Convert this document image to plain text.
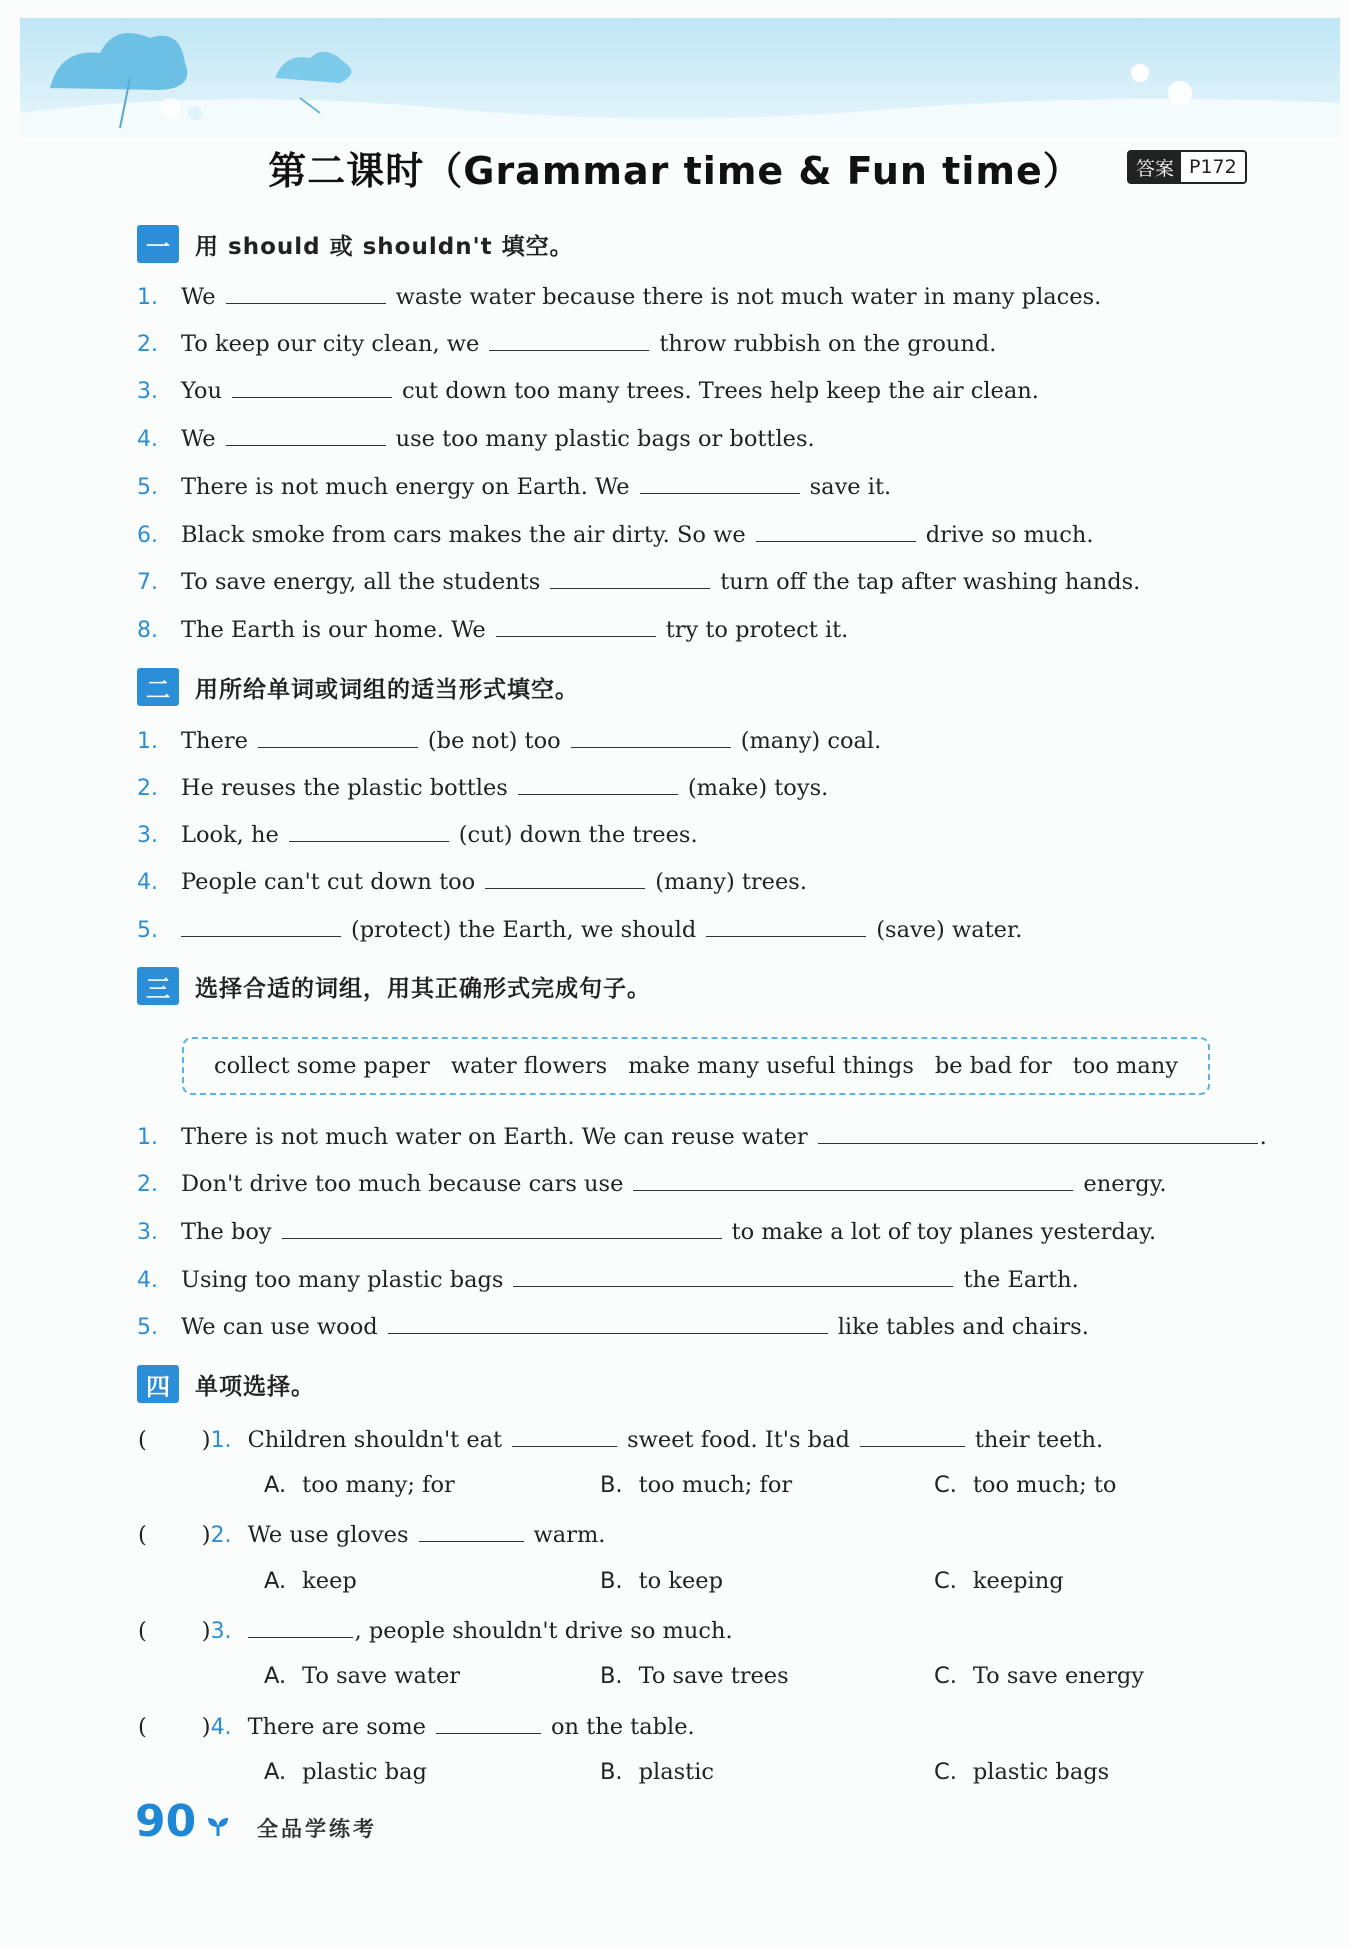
第二课时（Grammar time & Fun time）	答案 P172
一	用 should 或 shouldn't 填空。
1. We	waste water because there is not much water in many places.
2. To keep our city clean, we	throw rubbish on the ground.
3. You	cut down too many trees. Trees help keep the air clean.
4. We	use too many plastic bags or bottles.
5. There is not much energy on Earth. We	save it.
6. Black smoke from cars makes the air dirty. So we	drive so much.
7. To save energy, all the students	turn off the tap after washing hands.
8. The Earth is our home. We	try to protect it.
二	用所给单词或词组的适当形式填空。
1. There	(be not) too	(many) coal.
2. He reuses the plastic bottles	(make) toys.
3. Look, he	(cut) down the trees.
4. People can't cut down too	(many) trees.
5.	(protect) the Earth, we should	(save) water.
三	选择合适的词组，用其正确形式完成句子。
collect some paper water flowers make many useful things be bad for too many
1. There is not much water on Earth. We can reuse water	.
2. Don't drive too much because cars use	energy.
3. The boy	to make a lot of toy planes yesterday.
4. Using too many plastic bags	the Earth.
5. We can use wood	like tables and chairs.
四	单项选择。
( )1. Children shouldn't eat	sweet food. It's bad	their teeth.
A. too many; for	B. too much; for	C. too much; to
( )2. We use gloves	warm.
A. keep	B. to keep	C. keeping
( )3.	, people shouldn't drive so much.
A. To save water	B. To save trees	C. To save energy
( )4. There are some	on the table.
A. plastic bag	B. plastic	C. plastic bags
90	全品学练考
